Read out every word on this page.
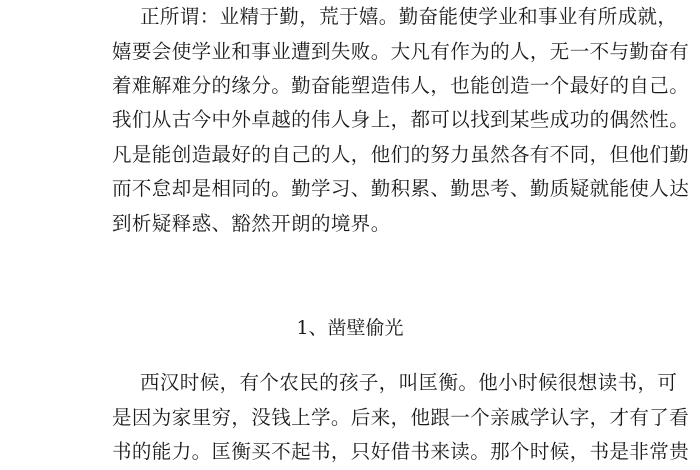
正所谓：业精于勤，荒于嬉。勤奋能使学业和事业有所成就，
嬉要会使学业和事业遭到失败。大凡有作为的人，无一不与勤奋有
着难解难分的缘分。勤奋能塑造伟人，也能创造一个最好的自己。
我们从古今中外卓越的伟人身上，都可以找到某些成功的偶然性。
凡是能创造最好的自己的人，他们的努力虽然各有不同，但他们勤
而不怠却是相同的。勤学习、勤积累、勤思考、勤质疑就能使人达
到析疑释惑、豁然开朗的境界。
1、凿壁偷光
西汉时候，有个农民的孩子，叫匡衡。他小时候很想读书，可
是因为家里穷，没钱上学。后来，他跟一个亲戚学认字，才有了看
书的能力。匡衡买不起书，只好借书来读。那个时候，书是非常贵
